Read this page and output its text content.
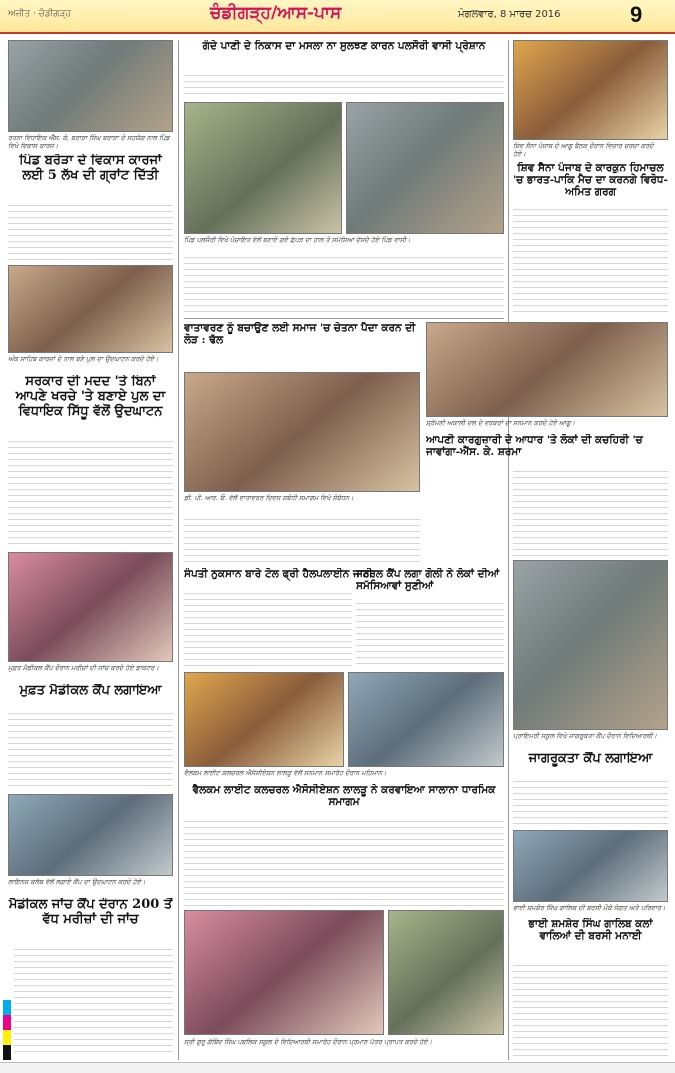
ਅਜੀਤ · ਚੰਡੀਗੜ੍ਹ	ਚੰਡੀਗੜ੍ਹ/ਆਸ-ਪਾਸ	ਮੰਗਲਵਾਰ, 8 ਮਾਰਚ 2016	9
ਰਤਨਾ ਵਿਧਾਇਕ ਐੱਸ. ਕੇ. ਬਰਾੜਾ ਸਿੰਘ ਬਰਾੜਾ ਦੇ ਸਹਯੋਗ ਨਾਲ ਪਿੰਡ ਵਿਖੇ ਵਿਕਾਸ ਕਾਰਜ।
ਪਿੰਡ ਬਰੋੜਾ ਦੇ ਵਿਕਾਸ ਕਾਰਜਾਂ ਲਈ 5 ਲੱਖ ਦੀ ਗ੍ਰਾਂਟ ਦਿੱਤੀ
ਅੰਕ ਸਾਹਿਬ ਕਾਰਜਾਂ ਦੇ ਨਾਲ ਬਣੇ ਪੁਲ ਦਾ ਉਦਘਾਟਨ ਕਰਦੇ ਹੋਏ।
ਸਰਕਾਰ ਦੀ ਮਦਦ 'ਤੇ ਬਿਨਾਂ ਆਪਣੇ ਖਰਚੇ 'ਤੇ ਬਣਾਏ ਪੁਲ ਦਾ ਵਿਧਾਇਕ ਸਿੱਧੂ ਵੱਲੋਂ ਉਦਘਾਟਨ
ਮੁਫ਼ਤ ਮੈਡੀਕਲ ਕੈਂਪ ਦੌਰਾਨ ਮਰੀਜ਼ਾਂ ਦੀ ਜਾਂਚ ਕਰਦੇ ਹੋਏ ਡਾਕਟਰ।
ਮੁਫ਼ਤ ਮੈਡੀਕਲ ਕੈਂਪ ਲਗਾਇਆ
ਲਾਇਨਜ਼ ਕਲੱਬ ਵੱਲੋਂ ਲਗਾਏ ਕੈਂਪ ਦਾ ਉਦਘਾਟਨ ਕਰਦੇ ਹੋਏ।
ਮੈਡੀਕਲ ਜਾਂਚ ਕੈਂਪ ਦੌਰਾਨ 200 ਤੋਂ ਵੱਧ ਮਰੀਜ਼ਾਂ ਦੀ ਜਾਂਚ
ਗੰਦੇ ਪਾਣੀ ਦੇ ਨਿਕਾਸ ਦਾ ਮਸਲਾ ਨਾ ਸੁਲਝਣ ਕਾਰਨ ਪਲਸੌਰੀ ਵਾਸੀ ਪ੍ਰੇਸ਼ਾਨ
ਪਿੰਡ ਪਲਸੌਰੀ ਵਿਖੇ ਪੰਚਾਇਤ ਵੱਲੋਂ ਬਣਾਏ ਗਏ ਛੱਪੜ ਦਾ ਹਾਲ ਤੇ ਸਮੱਸਿਆ ਦੱਸਦੇ ਹੋਏ ਪਿੰਡ ਵਾਸੀ।
ਵਾਤਾਵਰਣ ਨੂੰ ਬਚਾਉਣ ਲਈ ਸਮਾਜ 'ਚ ਚੇਤਨਾ ਪੈਦਾ ਕਰਨ ਦੀ ਲੋੜ : ਢੱਲ
ਡੀ. ਪੀ. ਆਰ. ਓ. ਵੱਲੋਂ ਵਾਤਾਵਰਣ ਦਿਵਸ ਸਬੰਧੀ ਸਮਾਗਮ ਵਿਖੇ ਸੰਬੋਧਨ।
ਸੰਪਤੀ ਨੁਕਸਾਨ ਬਾਰੇ ਟੋਲ ਫ੍ਰੀ ਹੈਲਪਲਾਈਨ ਜਾਰੀ
ਜਨਰਲ ਕੈਂਪ ਲਗਾ ਗੋਲੀ ਨੇ ਲੋਕਾਂ ਦੀਆਂ ਸਮੱਸਿਆਵਾਂ ਸੁਣੀਆਂ
ਵੈਲਕਮ ਲਾਈਟ ਕਲਚਰਲ ਐਸੋਸੀਏਸ਼ਨ ਲਾਲੜੂ ਵੱਲੋਂ ਸਨਮਾਨ ਸਮਾਰੋਹ ਦੌਰਾਨ ਮਹਿਮਾਨ।
ਵੈਲਕਮ ਲਾਈਟ ਕਲਚਰਲ ਐਸੋਸੀਏਸ਼ਨ ਲਾਲੜੂ ਨੇ ਕਰਵਾਇਆ ਸਾਲਾਨਾ ਧਾਰਮਿਕ ਸਮਾਗਮ
ਸ੍ਰੀ ਗੁਰੂ ਗੋਬਿੰਦ ਸਿੰਘ ਪਬਲਿਕ ਸਕੂਲ ਦੇ ਵਿਦਿਆਰਥੀ ਸਮਾਰੋਹ ਦੌਰਾਨ ਪ੍ਰਮਾਣ ਪੱਤਰ ਪ੍ਰਾਪਤ ਕਰਦੇ ਹੋਏ।
ਸ਼ਿਵ ਸੈਨਾ ਪੰਜਾਬ ਦੇ ਆਗੂ ਬੈਠਕ ਦੌਰਾਨ ਵਿਚਾਰ ਚਰਚਾ ਕਰਦੇ ਹੋਏ।
ਸ਼ਿਵ ਸੈਨਾ ਪੰਜਾਬ ਦੇ ਕਾਰਕੁਨ ਹਿਮਾਚਲ 'ਚ ਭਾਰਤ-ਪਾਕਿ ਮੈਚ ਦਾ ਕਰਨਗੇ ਵਿਰੋਧ-ਅਮਿਤ ਗਰਗ
ਸ਼੍ਰੋਮਣੀ ਅਕਾਲੀ ਦਲ ਦੇ ਵਰਕਰਾਂ ਦਾ ਸਨਮਾਨ ਕਰਦੇ ਹੋਏ ਆਗੂ।
ਆਪਣੀ ਕਾਰਗੁਜ਼ਾਰੀ ਦੇ ਆਧਾਰ 'ਤੇ ਲੋਕਾਂ ਦੀ ਕਚਹਿਰੀ 'ਚ ਜਾਵਾਂਗਾ-ਐੱਸ. ਕੇ. ਸ਼ਰਮਾ
ਪ੍ਰਾਇਮਰੀ ਸਕੂਲ ਵਿਖੇ ਜਾਗਰੂਕਤਾ ਕੈਂਪ ਦੌਰਾਨ ਵਿਦਿਆਰਥੀ।
ਜਾਗਰੂਕਤਾ ਕੈਂਪ ਲਗਾਇਆ
ਭਾਈ ਸ਼ਮਸ਼ੇਰ ਸਿੰਘ ਗਾਲਿਬ ਦੀ ਬਰਸੀ ਮੌਕੇ ਸੰਗਤ ਅਤੇ ਪਰਿਵਾਰ।
ਭਾਈ ਸ਼ਮਸ਼ੇਰ ਸਿੰਘ ਗਾਲਿਬ ਕਲਾਂ ਵਾਲਿਆਂ ਦੀ ਬਰਸੀ ਮਨਾਈ
